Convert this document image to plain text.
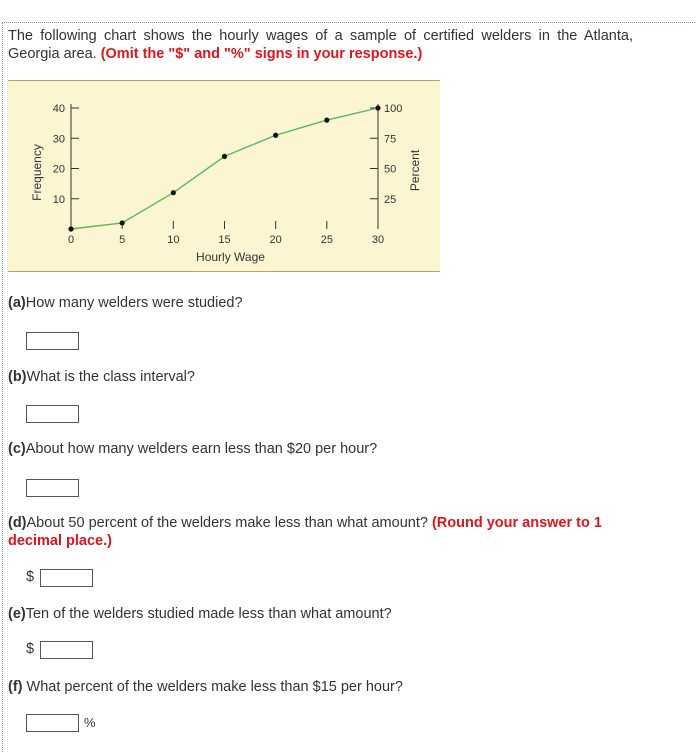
The following chart shows the hourly wages of a sample of certified welders in the Atlanta, Georgia area. (Omit the "$" and "%" signs in your response.)
0	5	10	15	20	25	30
10
20
30
40
25
50
75
100
Hourly Wage
Frequency	Percent
(a)How many welders were studied?
(b)What is the class interval?
(c)About how many welders earn less than $20 per hour?
(d)About 50 percent of the welders make less than what amount? (Round your answer to 1 decimal place.)
$
(e)Ten of the welders studied made less than what amount?
$
(f) What percent of the welders make less than $15 per hour?
%
